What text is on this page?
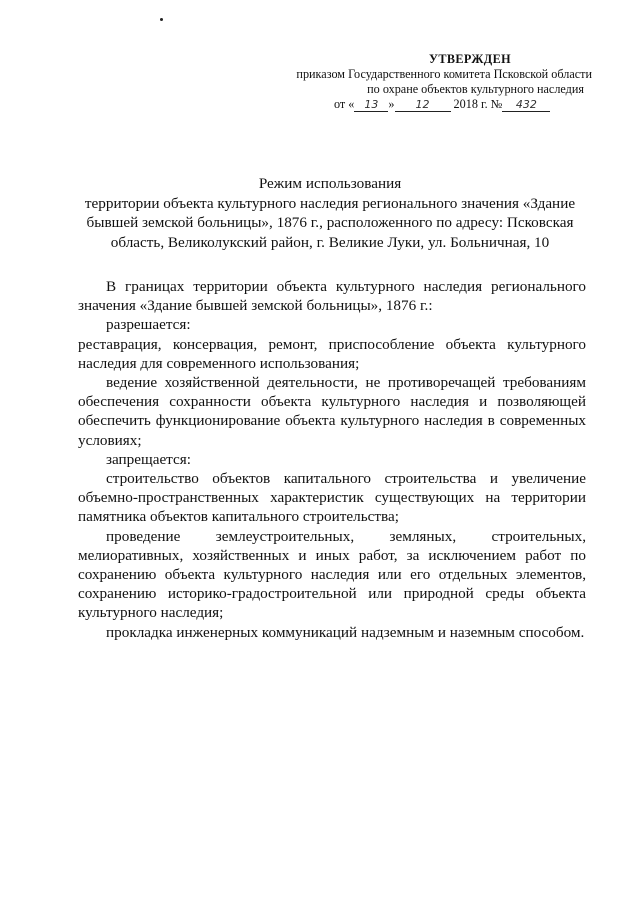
УТВЕРЖДЕН
приказом Государственного комитета Псковской области
по охране объектов культурного наследия
от « 13 » 12 2018 г. № 432
Режим использования
территории объекта культурного наследия регионального значения «Здание бывшей земской больницы», 1876 г., расположенного по адресу: Псковская область, Великолукский район, г. Великие Луки, ул. Больничная, 10

В границах территории объекта культурного наследия регионального значения «Здание бывшей земской больницы», 1876 г.:

разрешается:

реставрация, консервация, ремонт, приспособление объекта культурного наследия для современного использования;

ведение хозяйственной деятельности, не противоречащей требованиям обеспечения сохранности объекта культурного наследия и позволяющей обеспечить функционирование объекта культурного наследия в современных условиях;

запрещается:

строительство объектов капитального строительства и увеличение объемно-пространственных характеристик существующих на территории памятника объектов капитального строительства;

проведение землеустроительных, земляных, строительных, мелиоративных, хозяйственных и иных работ, за исключением работ по сохранению объекта культурного наследия или его отдельных элементов, сохранению историко-градостроительной или природной среды объекта культурного наследия;

прокладка инженерных коммуникаций надземным и наземным способом.
